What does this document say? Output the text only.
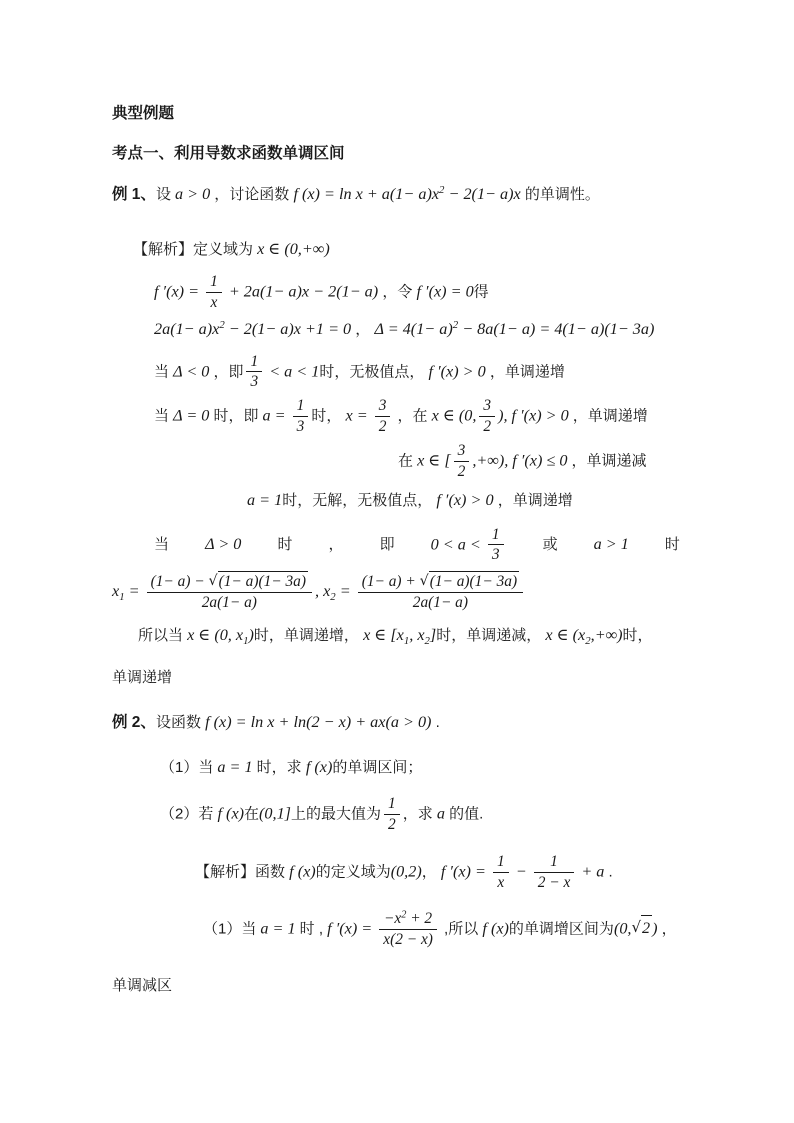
典型例题
考点一、利用导数求函数单调区间
例 1、设 a > 0 ，讨论函数 f $(x) = \ln x + a(1- a)x^2 - 2(1- a)x$ 的单调性。
【解析】定义域为 x ∈ (0,+∞)
f $'(x) = \frac{1}{x} + 2a(1- a)x - 2(1- a)$ ，令 f ′(x) = 0得
$2a(1- a)x^2 - 2(1- a)x +1 = 0$ ， $\Delta = 4(1- a)^2 - 8a(1- a) = 4(1- a)(1- 3a)$
当 Δ < 0 ，即 $\frac{1}{3} < a < 1$时，无极值点， f ′(x) > 0 ，单调递增
当 Δ = 0 时，即 $a = \frac{1}{3}$ 时， $x = \frac{3}{2}$ ，在 x ∈ (0, $\frac{3}{2}$ ), f ′(x) > 0 ，单调递增
在 x ∈ [ $\frac{3}{2}$ ,+∞), f ′(x) ≤ 0 ，单调递减
a = 1时，无解，无极值点， f ′(x) > 0 ，单调递增
当 Δ > 0 时 ， 即 $0 < a < \frac{1}{3}$	或 a > 1 时
$x_1 = \frac{(1- a) - √(1- a)(1- 3a)}{2a(1- a)}$ , $x_2 = \frac{(1- a) + √(1- a)(1- 3a)}{2a(1- a)}$
所以当 x ∈ (0, $x_1$)时，单调递增， x ∈ [$x_1$, $x_2$]时，单调递减， x ∈ $(x_2,+\infty)$时，
单调递增
例 2、设函数 f (x) = ln x + ln(2 − x) + ax(a > 0) .
（1）当 a = 1 时，求 f (x)的单调区间；
（2）若 f (x)在(0,1]上的最大值为 $\frac{1}{2}$ ，求 a 的值.
【解析】函数 f (x)的定义域为(0,2)， f $'(x) = \frac{1}{x} - \frac{1}{2 - x} + a$ .
（1）当 a = 1 时 , f $'(x) = \frac{-x^2 + 2}{x(2 - x)}$ ,所以 f (x)的单调增区间为(0,√2 ) ，
单调减区
